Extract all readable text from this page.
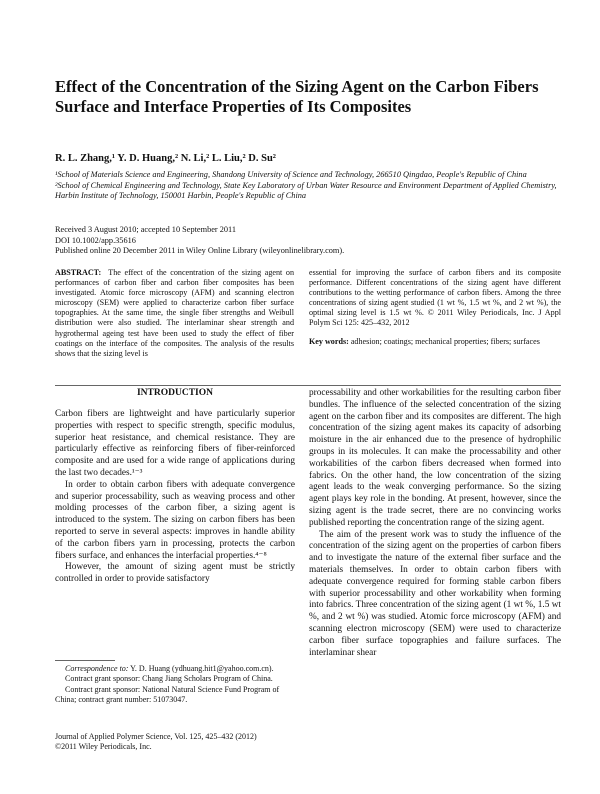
Effect of the Concentration of the Sizing Agent on the Carbon Fibers Surface and Interface Properties of Its Composites
R. L. Zhang,¹ Y. D. Huang,² N. Li,² L. Liu,² D. Su²

¹School of Materials Science and Engineering, Shandong University of Science and Technology, 266510 Qingdao, People's Republic of China

²School of Chemical Engineering and Technology, State Key Laboratory of Urban Water Resource and Environment Department of Applied Chemistry, Harbin Institute of Technology, 150001 Harbin, People's Republic of China

Received 3 August 2010; accepted 10 September 2011
DOI 10.1002/app.35616
Published online 20 December 2011 in Wiley Online Library (wileyonlinelibrary.com).

ABSTRACT: The effect of the concentration of the sizing agent on performances of carbon fiber and carbon fiber composites has been investigated. Atomic force microscopy (AFM) and scanning electron microscopy (SEM) were applied to characterize carbon fiber surface topographies. At the same time, the single fiber strengths and Weibull distribution were also studied. The interlaminar shear strength and hygrothermal ageing test have been used to study the effect of fiber coatings on the interface of the composites. The analysis of the results shows that the sizing level is

essential for improving the surface of carbon fibers and its composite performance. Different concentrations of the sizing agent have different contributions to the wetting performance of carbon fibers. Among the three concentrations of sizing agent studied (1 wt %, 1.5 wt %, and 2 wt %), the optimal sizing level is 1.5 wt %. © 2011 Wiley Periodicals, Inc. J Appl Polym Sci 125: 425–432, 2012

Key words: adhesion; coatings; mechanical properties; fibers; surfaces

INTRODUCTION

Carbon fibers are lightweight and have particularly superior properties with respect to specific strength, specific modulus, superior heat resistance, and chemical resistance. They are particularly effective as reinforcing fibers of fiber-reinforced composite and are used for a wide range of applications during the last two decades.¹⁻³

In order to obtain carbon fibers with adequate convergence and superior processability, such as weaving process and other molding processes of the carbon fiber, a sizing agent is introduced to the system. The sizing on carbon fibers has been reported to serve in several aspects: improves in handle ability of the carbon fibers yarn in processing, protects the carbon fibers surface, and enhances the interfacial properties.⁴⁻⁸

However, the amount of sizing agent must be strictly controlled in order to provide satisfactory

processability and other workabilities for the resulting carbon fiber bundles. The influence of the selected concentration of the sizing agent on the carbon fiber and its composites are different. The high concentration of the sizing agent makes its capacity of adsorbing moisture in the air enhanced due to the presence of hydrophilic groups in its molecules. It can make the processability and other workabilities of the carbon fibers decreased when formed into fabrics. On the other hand, the low concentration of the sizing agent leads to the weak converging performance. So the sizing agent plays key role in the bonding. At present, however, since the sizing agent is the trade secret, there are no convincing works published reporting the concentration range of the sizing agent.

The aim of the present work was to study the influence of the concentration of the sizing agent on the properties of carbon fibers and to investigate the nature of the external fiber surface and the materials themselves. In order to obtain carbon fibers with adequate convergence required for forming stable carbon fibers with superior processability and other workability when forming into fabrics. Three concentration of the sizing agent (1 wt %, 1.5 wt %, and 2 wt %) was studied. Atomic force microscopy (AFM) and scanning electron microscopy (SEM) were used to characterize carbon fiber surface topographies and failure surfaces. The interlaminar shear

Correspondence to: Y. D. Huang (ydhuang.hit1@yahoo.com.cn).

Contract grant sponsor: Chang Jiang Scholars Program of China.

Contract grant sponsor: National Natural Science Fund Program of China; contract grant number: 51073047.

Journal of Applied Polymer Science, Vol. 125, 425–432 (2012)

©2011 Wiley Periodicals, Inc.
